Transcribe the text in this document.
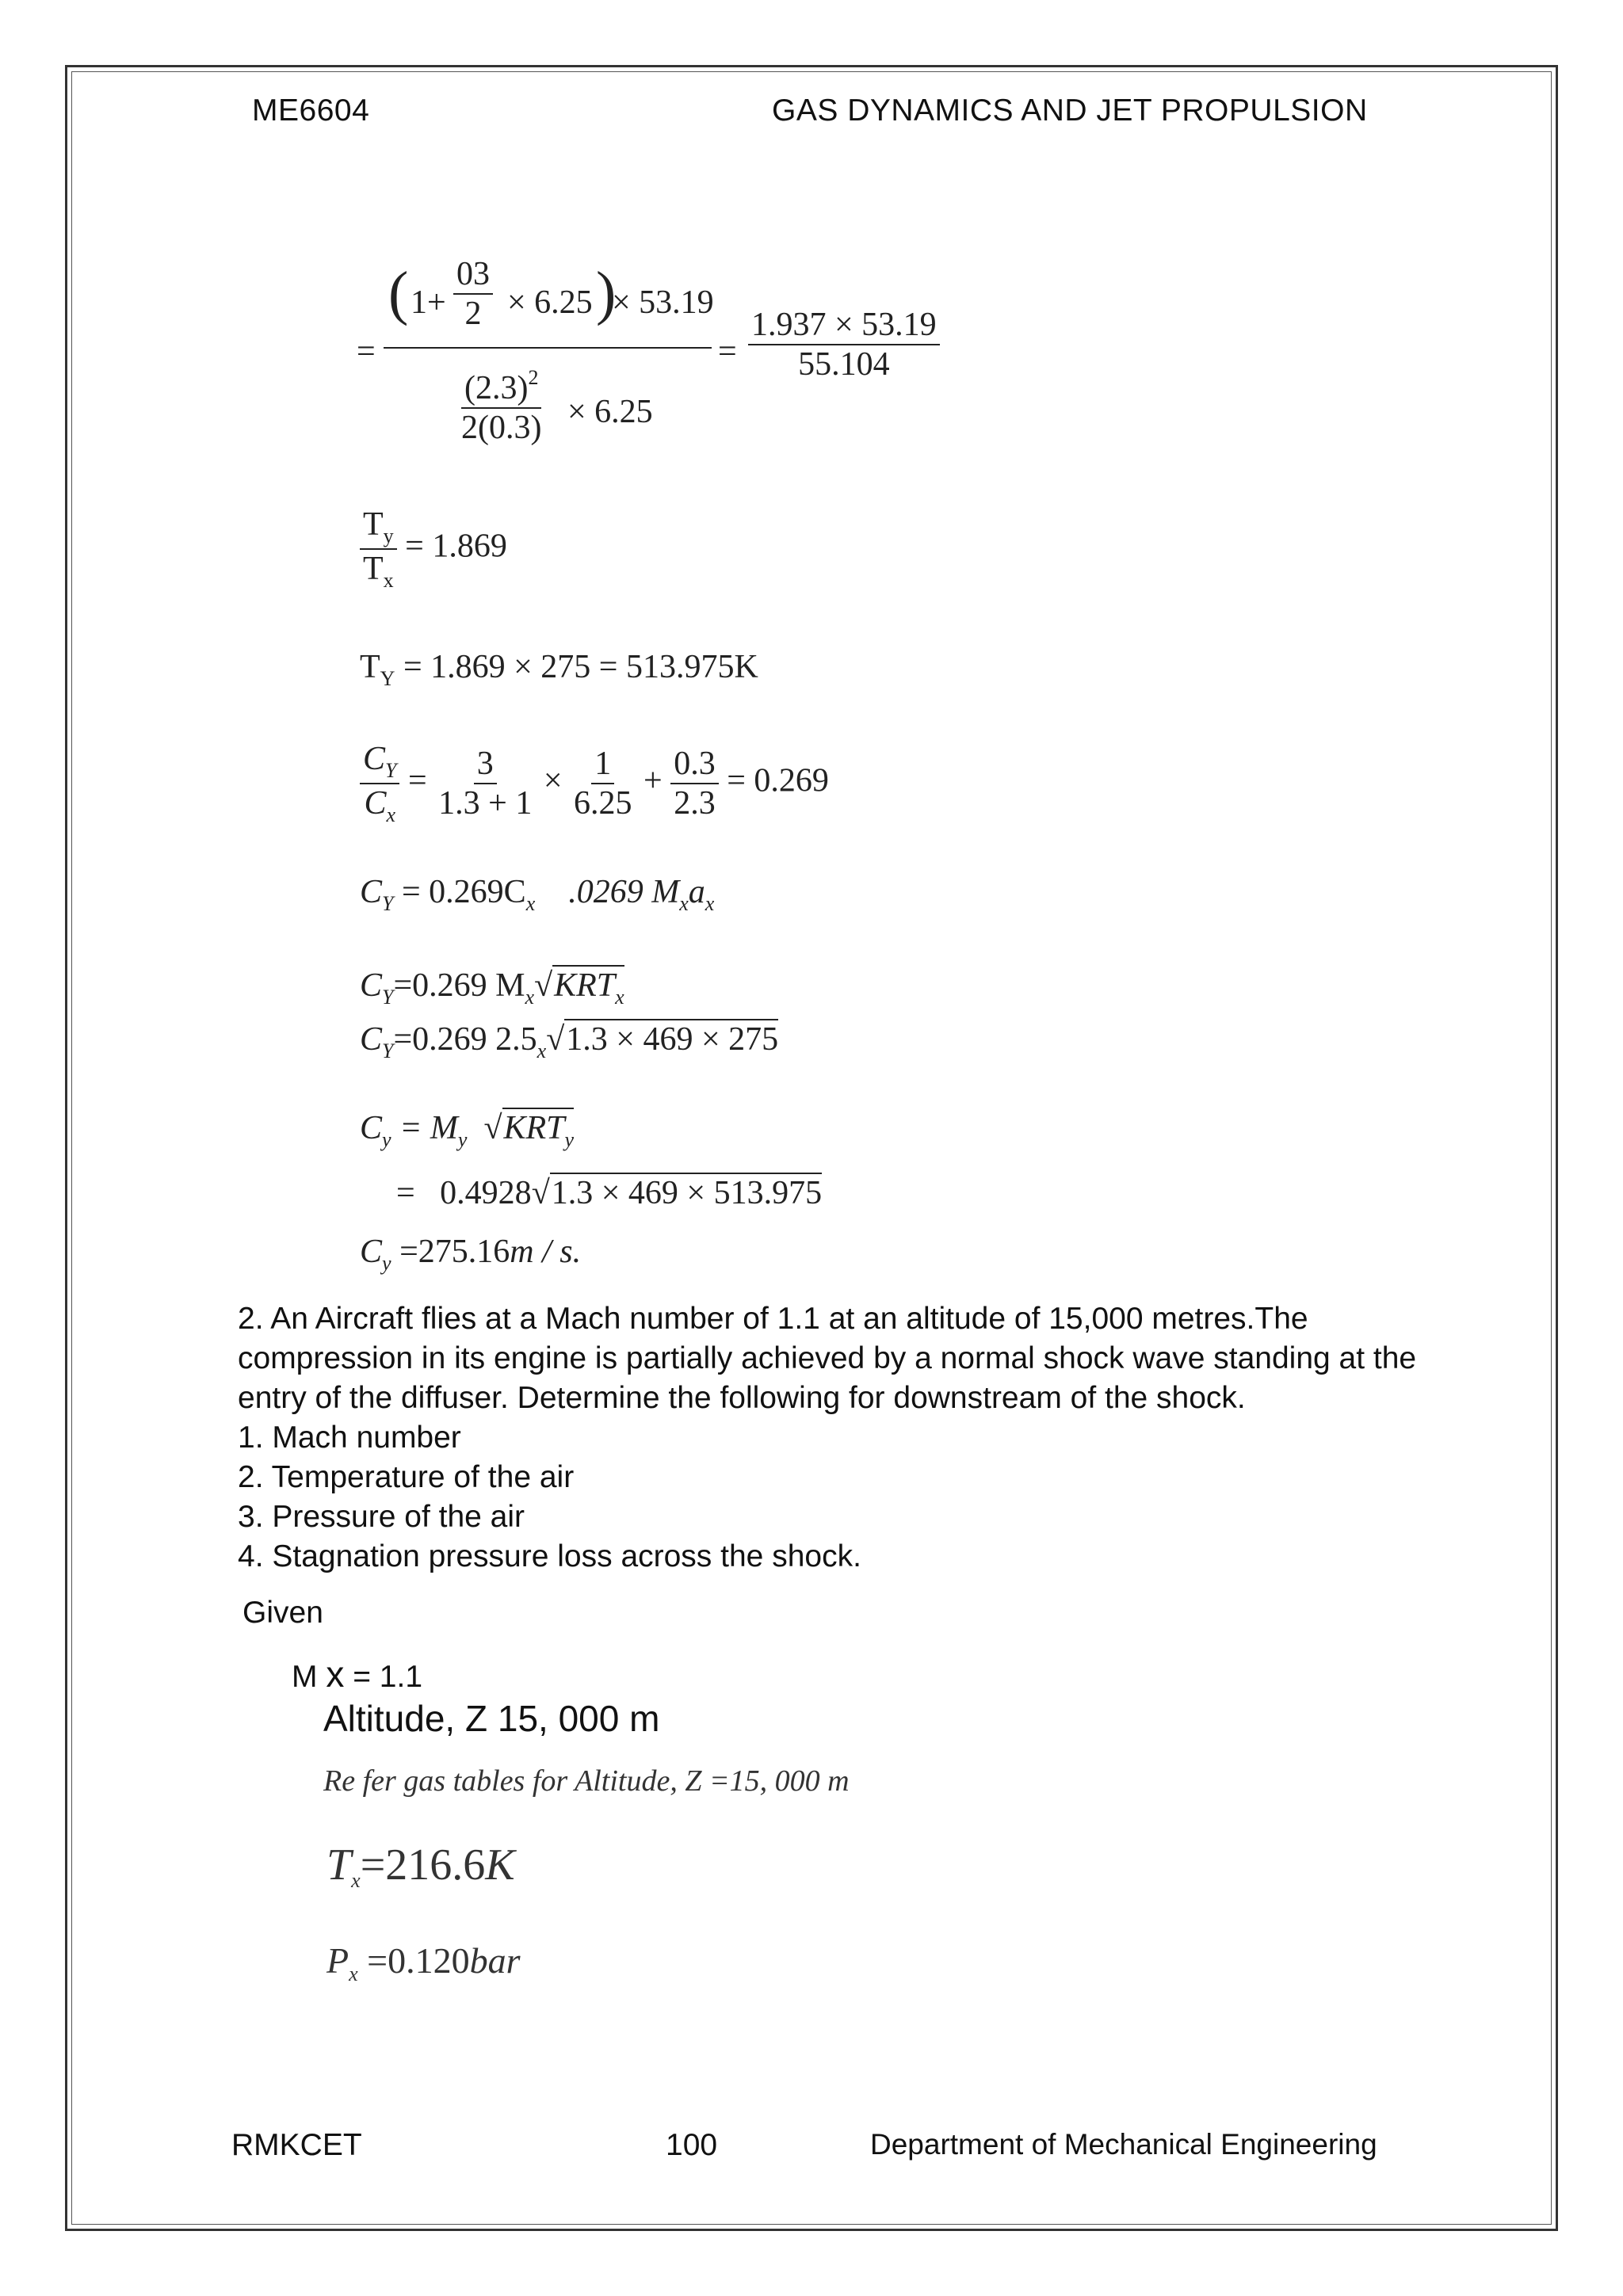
ME6604	GAS DYNAMICS AND JET PROPULSION
=
( $1+ \frac{03}{2} \times 6.25$ )
× 53.19
$\frac{(2.3)^2}{2(0.3)} \times 6.25$
= $\frac{1.937 \times 53.19}{55.104}$
$\frac{T_y}{T_x} = 1.869$
$T_Y = 1.869 \times 275 = 513.975K$
$\frac{C_Y}{C_x} = \frac{3}{1.3 + 1} \times \frac{1}{6.25} + \frac{0.3}{2.3} = 0.269$
$C_Y = 0.269C_x$ .0269 $M_xa_x$
$C_Y=0.269$ $M_x√KRT_x$
$C_Y=0.269$ $2.5_x√1.3 \times 469 \times 275$
$C_y = M_y$ $√KRT_y$
=   0.4928√1.3 × 469 × 513.975
$C_y =275.16m / s$.

2. An Aircraft flies at a Mach number of 1.1 at an altitude of 15,000 metres.The compression in its engine is partially achieved by a normal shock wave standing at the entry of the diffuser. Determine the following for downstream of the shock.

1. Mach number

2. Temperature of the air

3. Pressure of the air

4. Stagnation pressure loss across the shock.

Given
M x = 1.1
Altitude, Z 15, 000 m
Re fer gas tables for Altitude, Z =15, 000 m
$T_x=216.6K$
$P_x =0.120bar$
RMKCET	100	Department of Mechanical Engineering
